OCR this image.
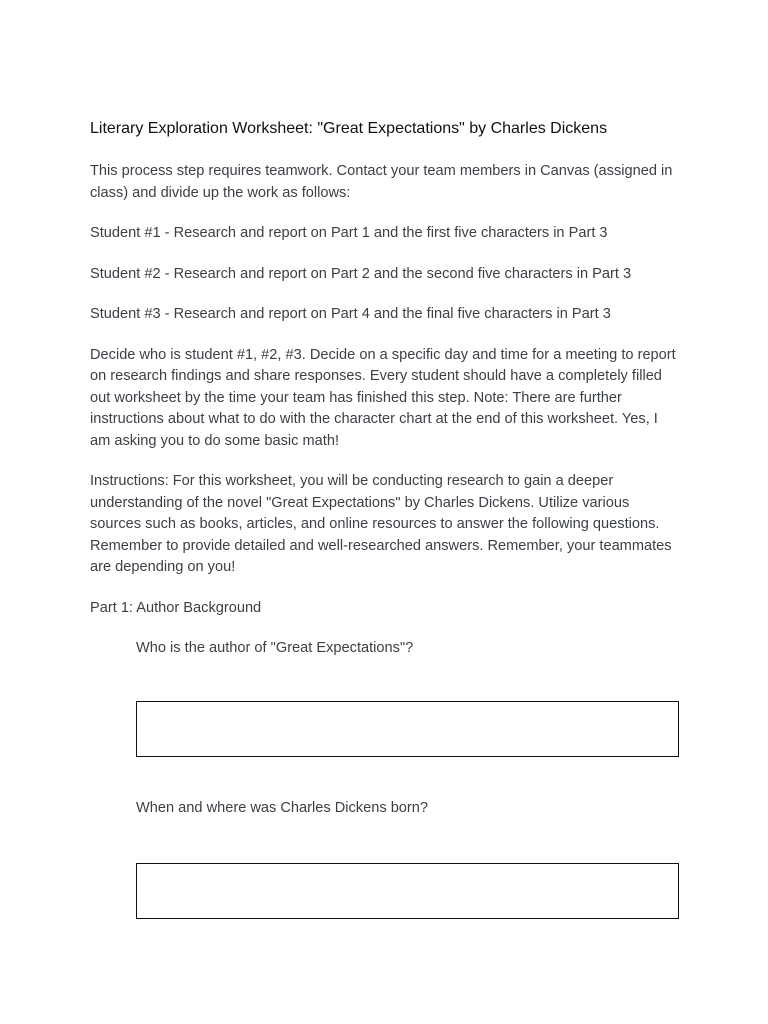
Literary Exploration Worksheet: "Great Expectations" by Charles Dickens
This process step requires teamwork. Contact your team members in Canvas (assigned in class) and divide up the work as follows:
Student #1 - Research and report on Part 1 and the first five characters in Part 3
Student #2 - Research and report on Part 2 and the second five characters in Part 3
Student #3 - Research and report on Part 4 and the final five characters in Part 3
Decide who is student #1, #2, #3. Decide on a specific day and time for a meeting to report on research findings and share responses. Every student should have a completely filled out worksheet by the time your team has finished this step. Note: There are further instructions about what to do with the character chart at the end of this worksheet. Yes, I am asking you to do some basic math!
Instructions: For this worksheet, you will be conducting research to gain a deeper understanding of the novel "Great Expectations" by Charles Dickens. Utilize various sources such as books, articles, and online resources to answer the following questions. Remember to provide detailed and well-researched answers. Remember, your teammates are depending on you!
Part 1: Author Background
Who is the author of "Great Expectations"?
When and where was Charles Dickens born?
